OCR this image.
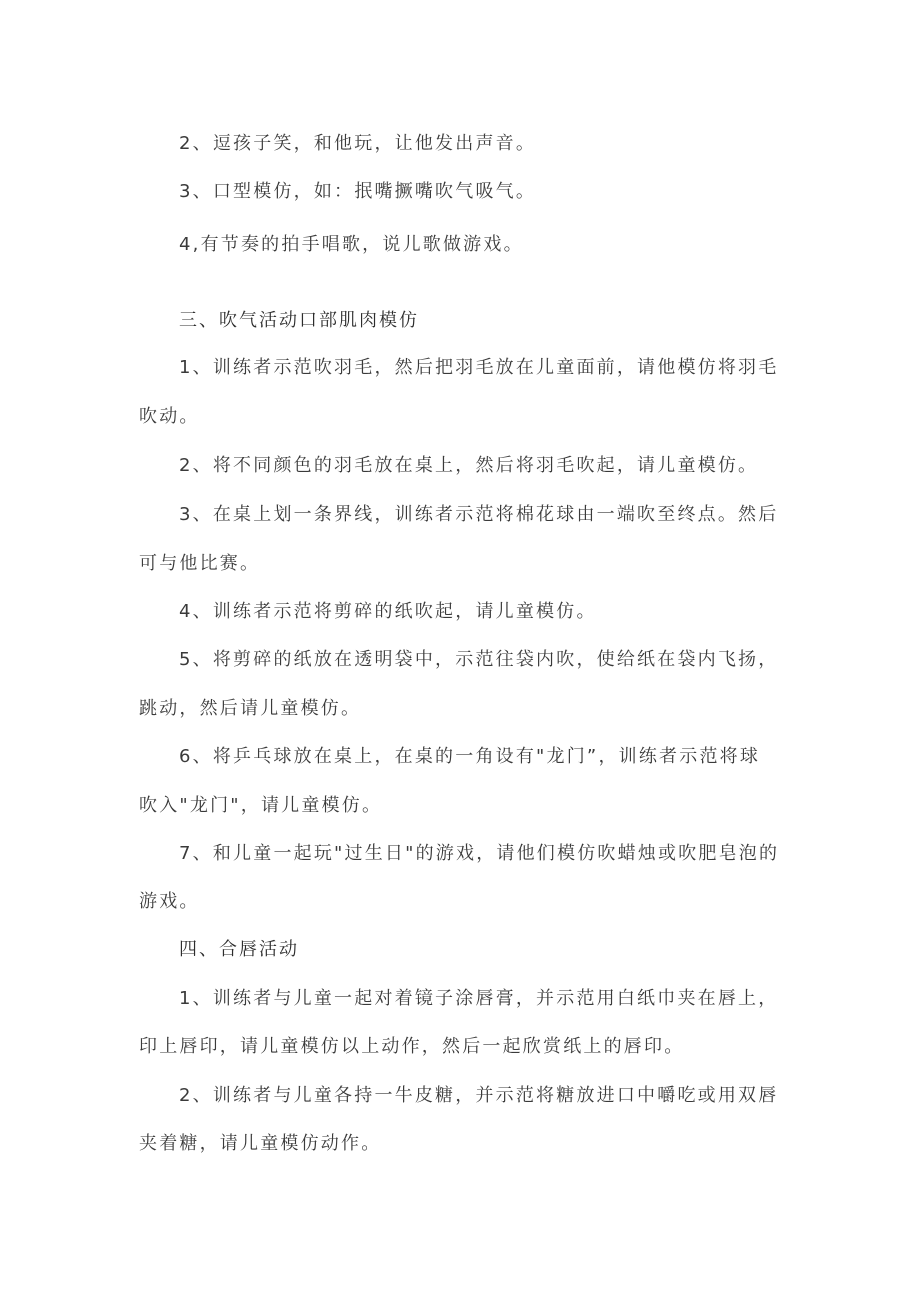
2、逗孩子笑，和他玩，让他发出声音。
3、口型模仿，如：抿嘴撅嘴吹气吸气。
4,有节奏的拍手唱歌，说儿歌做游戏。
三、吹气活动口部肌肉模仿
1、训练者示范吹羽毛，然后把羽毛放在儿童面前，请他模仿将羽毛
吹动。
2、将不同颜色的羽毛放在桌上，然后将羽毛吹起，请儿童模仿。
3、在桌上划一条界线，训练者示范将棉花球由一端吹至终点。然后
可与他比赛。
4、训练者示范将剪碎的纸吹起，请儿童模仿。
5、将剪碎的纸放在透明袋中，示范往袋内吹，使给纸在袋内飞扬，
跳动，然后请儿童模仿。
6、将乒乓球放在桌上，在桌的一角设有"龙门”，训练者示范将球
吹入"龙门"，请儿童模仿。
7、和儿童一起玩"过生日"的游戏，请他们模仿吹蜡烛或吹肥皂泡的
游戏。
四、合唇活动
1、训练者与儿童一起对着镜子涂唇膏，并示范用白纸巾夹在唇上，
印上唇印，请儿童模仿以上动作，然后一起欣赏纸上的唇印。
2、训练者与儿童各持一牛皮糖，并示范将糖放进口中嚼吃或用双唇
夹着糖，请儿童模仿动作。
